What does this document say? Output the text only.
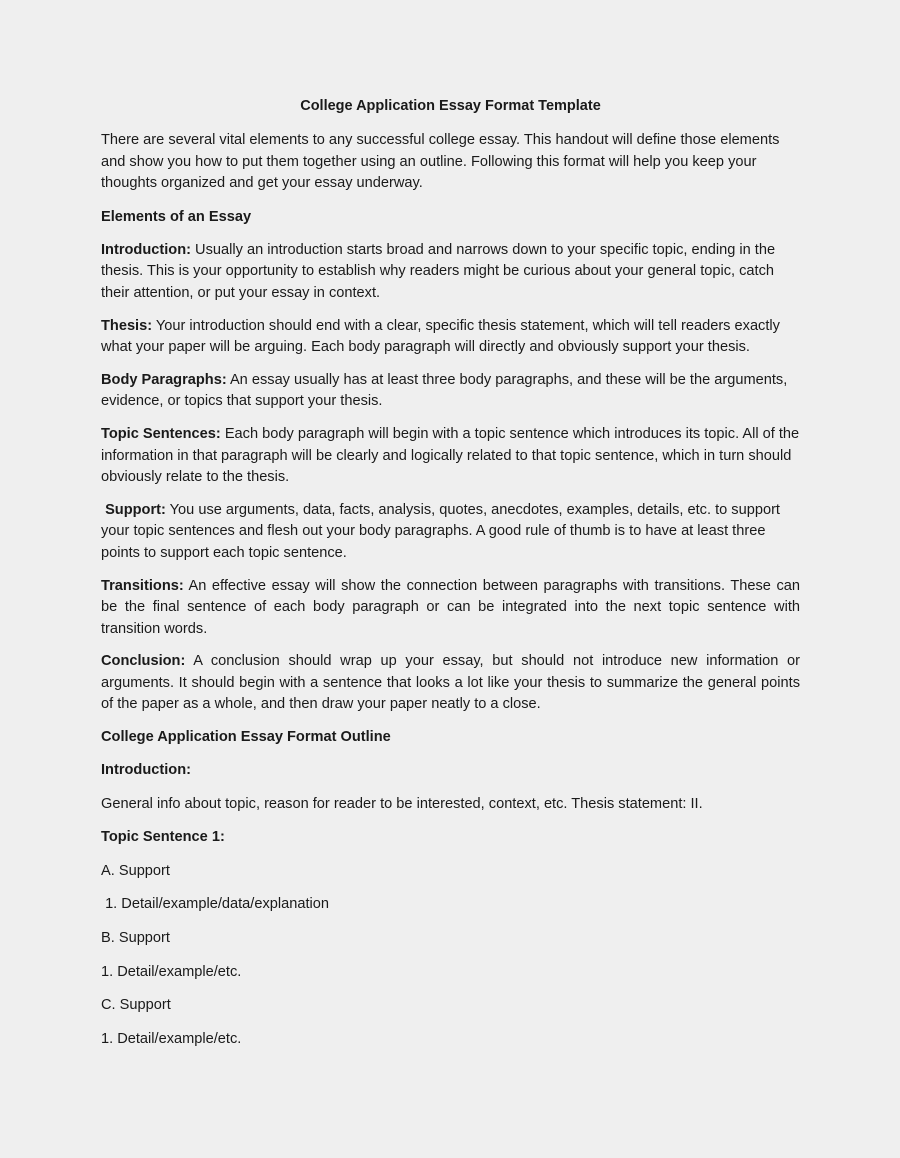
College Application Essay Format Template

There are several vital elements to any successful college essay. This handout will define those elements and show you how to put them together using an outline. Following this format will help you keep your thoughts organized and get your essay underway.

Elements of an Essay

Introduction: Usually an introduction starts broad and narrows down to your specific topic, ending in the thesis. This is your opportunity to establish why readers might be curious about your general topic, catch their attention, or put your essay in context.

Thesis: Your introduction should end with a clear, specific thesis statement, which will tell readers exactly what your paper will be arguing. Each body paragraph will directly and obviously support your thesis.

Body Paragraphs: An essay usually has at least three body paragraphs, and these will be the arguments, evidence, or topics that support your thesis.

Topic Sentences: Each body paragraph will begin with a topic sentence which introduces its topic. All of the information in that paragraph will be clearly and logically related to that topic sentence, which in turn should obviously relate to the thesis.

Support: You use arguments, data, facts, analysis, quotes, anecdotes, examples, details, etc. to support your topic sentences and flesh out your body paragraphs. A good rule of thumb is to have at least three points to support each topic sentence.

Transitions: An effective essay will show the connection between paragraphs with transitions. These can be the final sentence of each body paragraph or can be integrated into the next topic sentence with transition words.

Conclusion: A conclusion should wrap up your essay, but should not introduce new information or arguments. It should begin with a sentence that looks a lot like your thesis to summarize the general points of the paper as a whole, and then draw your paper neatly to a close.

College Application Essay Format Outline
Introduction:
General info about topic, reason for reader to be interested, context, etc. Thesis statement: II.
Topic Sentence 1:
A. Support
1. Detail/example/data/explanation
B. Support
1. Detail/example/etc.
C. Support
1. Detail/example/etc.
